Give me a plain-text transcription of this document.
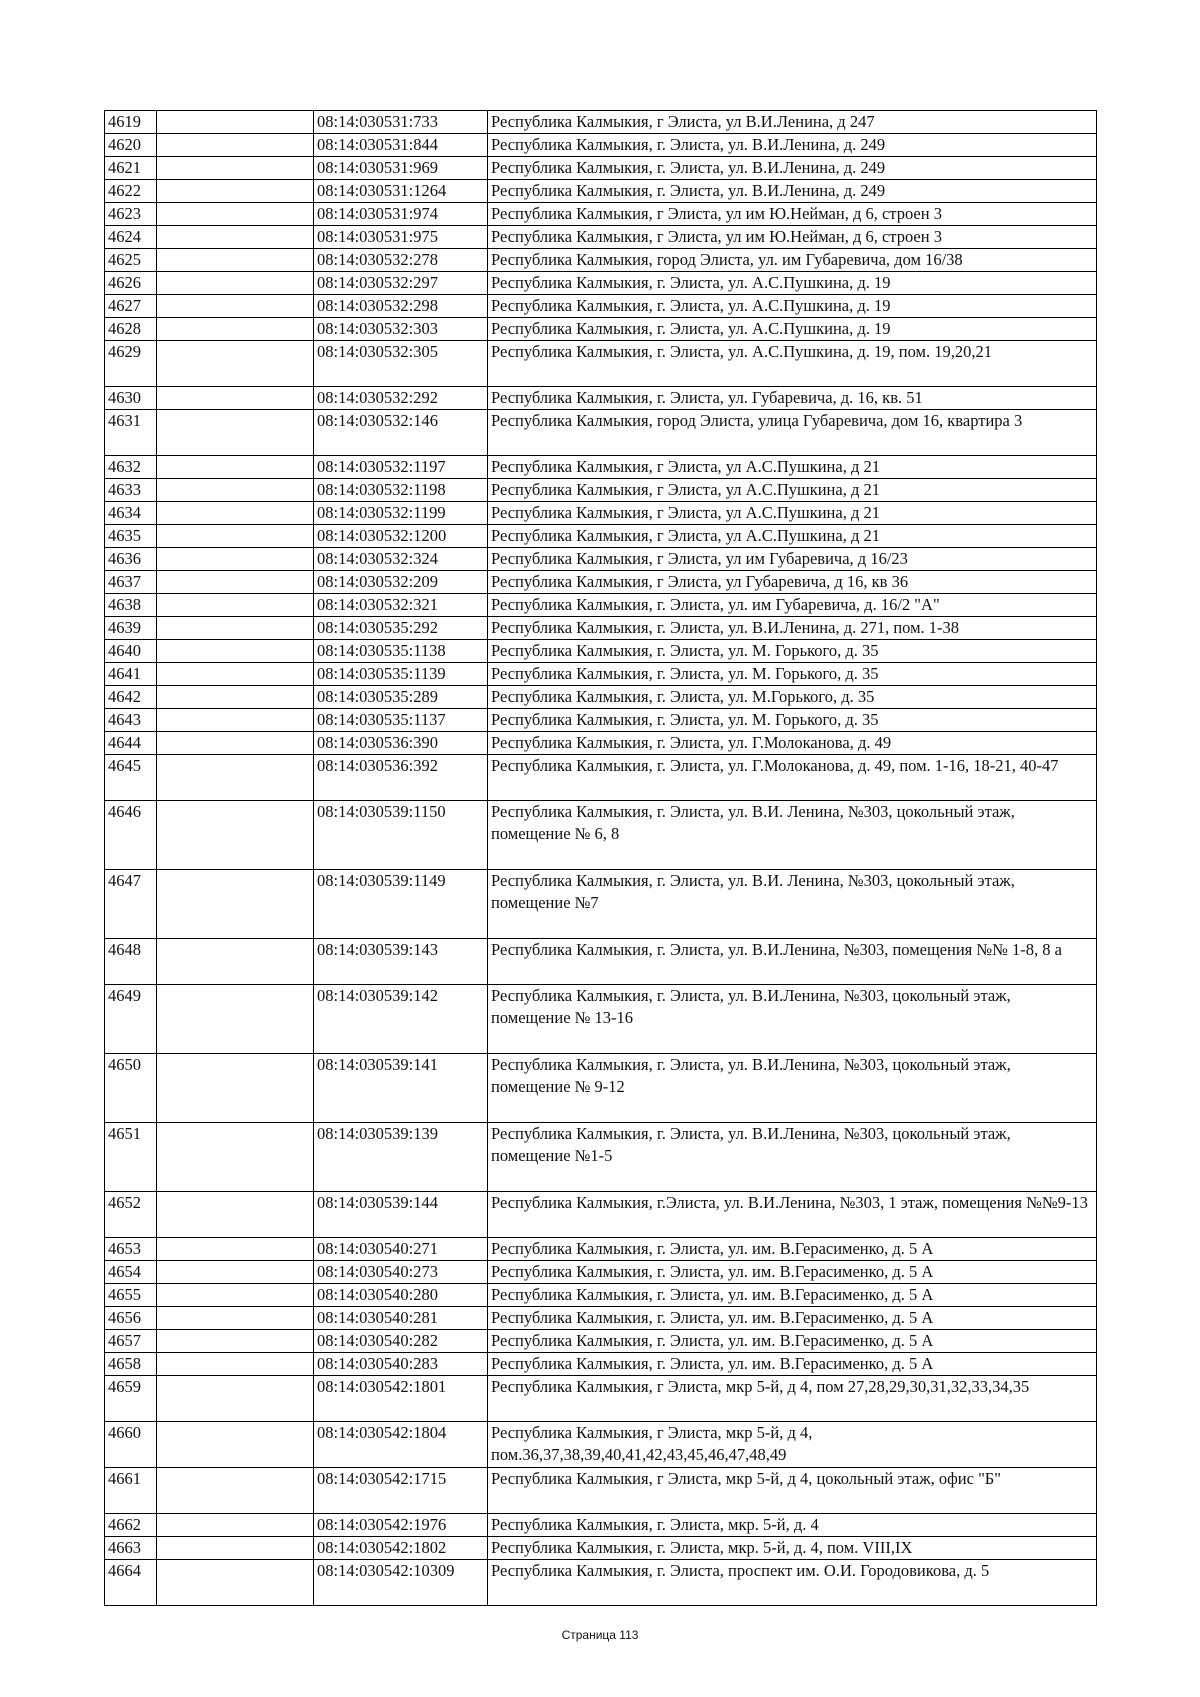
4619		08:14:030531:733	Республика Калмыкия, г Элиста, ул В.И.Ленина, д 247
4620		08:14:030531:844	Республика Калмыкия, г. Элиста, ул. В.И.Ленина, д. 249
4621		08:14:030531:969	Республика Калмыкия, г. Элиста, ул. В.И.Ленина, д. 249
4622		08:14:030531:1264	Республика Калмыкия, г. Элиста, ул. В.И.Ленина, д. 249
4623		08:14:030531:974	Республика Калмыкия, г Элиста, ул им Ю.Нейман, д 6, строен 3
4624		08:14:030531:975	Республика Калмыкия, г Элиста, ул им Ю.Нейман, д 6, строен 3
4625		08:14:030532:278	Республика Калмыкия, город Элиста, ул. им Губаревича, дом 16/38
4626		08:14:030532:297	Республика Калмыкия, г. Элиста, ул. А.С.Пушкина, д. 19
4627		08:14:030532:298	Республика Калмыкия, г. Элиста, ул. А.С.Пушкина, д. 19
4628		08:14:030532:303	Республика Калмыкия, г. Элиста, ул. А.С.Пушкина, д. 19
4629		08:14:030532:305	Республика Калмыкия, г. Элиста, ул. А.С.Пушкина, д. 19, пом. 19,20,21
4630		08:14:030532:292	Республика Калмыкия, г. Элиста, ул. Губаревича, д. 16, кв. 51
4631		08:14:030532:146	Республика Калмыкия, город Элиста, улица Губаревича, дом 16, квартира 3
4632		08:14:030532:1197	Республика Калмыкия, г Элиста, ул А.С.Пушкина, д 21
4633		08:14:030532:1198	Республика Калмыкия, г Элиста, ул А.С.Пушкина, д 21
4634		08:14:030532:1199	Республика Калмыкия, г Элиста, ул А.С.Пушкина, д 21
4635		08:14:030532:1200	Республика Калмыкия, г Элиста, ул А.С.Пушкина, д 21
4636		08:14:030532:324	Республика Калмыкия, г Элиста, ул им Губаревича, д 16/23
4637		08:14:030532:209	Республика Калмыкия, г Элиста, ул Губаревича, д 16, кв 36
4638		08:14:030532:321	Республика Калмыкия, г. Элиста, ул. им Губаревича, д. 16/2 "А"
4639		08:14:030535:292	Республика Калмыкия, г. Элиста, ул. В.И.Ленина, д. 271, пом. 1-38
4640		08:14:030535:1138	Республика Калмыкия, г. Элиста, ул. М. Горького, д. 35
4641		08:14:030535:1139	Республика Калмыкия, г. Элиста, ул. М. Горького, д. 35
4642		08:14:030535:289	Республика Калмыкия, г. Элиста, ул. М.Горького, д. 35
4643		08:14:030535:1137	Республика Калмыкия, г. Элиста, ул. М. Горького, д. 35
4644		08:14:030536:390	Республика Калмыкия, г. Элиста, ул. Г.Молоканова, д. 49
4645		08:14:030536:392	Республика Калмыкия, г. Элиста, ул. Г.Молоканова, д. 49, пом. 1-16, 18-21, 40-47
4646		08:14:030539:1150	Республика Калмыкия, г. Элиста, ул. В.И. Ленина, №303, цокольный этаж, помещение № 6, 8
4647		08:14:030539:1149	Республика Калмыкия, г. Элиста, ул. В.И. Ленина, №303, цокольный этаж, помещение №7
4648		08:14:030539:143	Республика Калмыкия, г. Элиста, ул. В.И.Ленина, №303, помещения №№ 1-8, 8 а
4649		08:14:030539:142	Республика Калмыкия, г. Элиста, ул. В.И.Ленина, №303, цокольный этаж, помещение № 13-16
4650		08:14:030539:141	Республика Калмыкия, г. Элиста, ул. В.И.Ленина, №303, цокольный этаж, помещение № 9-12
4651		08:14:030539:139	Республика Калмыкия, г. Элиста, ул. В.И.Ленина, №303, цокольный этаж, помещение №1-5
4652		08:14:030539:144	Республика Калмыкия, г.Элиста, ул. В.И.Ленина, №303, 1 этаж, помещения №№9-13
4653		08:14:030540:271	Республика Калмыкия, г. Элиста, ул. им. В.Герасименко, д. 5 А
4654		08:14:030540:273	Республика Калмыкия, г. Элиста, ул. им. В.Герасименко, д. 5 А
4655		08:14:030540:280	Республика Калмыкия, г. Элиста, ул. им. В.Герасименко, д. 5 А
4656		08:14:030540:281	Республика Калмыкия, г. Элиста, ул. им. В.Герасименко, д. 5 А
4657		08:14:030540:282	Республика Калмыкия, г. Элиста, ул. им. В.Герасименко, д. 5 А
4658		08:14:030540:283	Республика Калмыкия, г. Элиста, ул. им. В.Герасименко, д. 5 А
4659		08:14:030542:1801	Республика Калмыкия, г Элиста, мкр 5-й, д 4, пом 27,28,29,30,31,32,33,34,35
4660		08:14:030542:1804	Республика Калмыкия, г Элиста, мкр 5-й, д 4, пом.36,37,38,39,40,41,42,43,45,46,47,48,49
4661		08:14:030542:1715	Республика Калмыкия, г Элиста, мкр 5-й, д 4, цокольный этаж, офис "Б"
4662		08:14:030542:1976	Республика Калмыкия, г. Элиста, мкр. 5-й, д. 4
4663		08:14:030542:1802	Республика Калмыкия, г. Элиста, мкр. 5-й, д. 4, пом. VIII,IX
4664		08:14:030542:10309	Республика Калмыкия, г. Элиста, проспект им. О.И. Городовикова, д. 5
Страница 113
